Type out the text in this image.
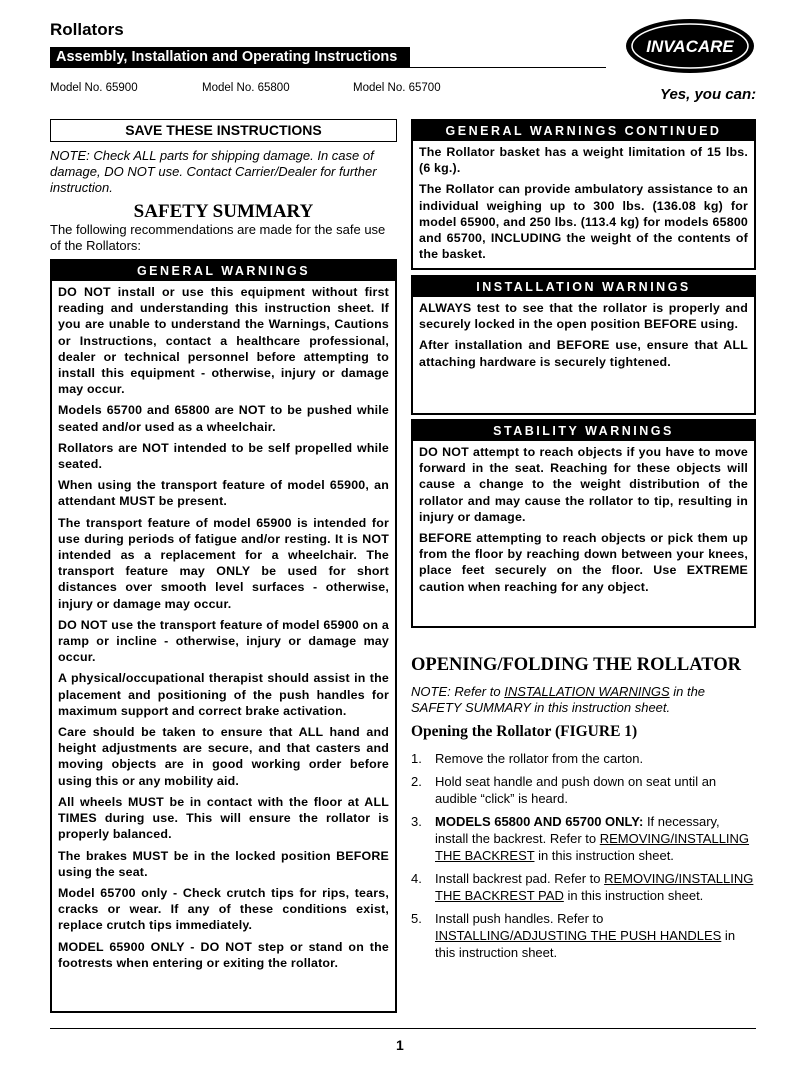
Rollators
Assembly, Installation and Operating Instructions
Model No. 65900	Model No. 65800	Model No. 65700
INVACARE
Yes, you can:
SAVE THESE INSTRUCTIONS
NOTE: Check ALL parts for shipping damage. In case of damage, DO NOT use. Contact Carrier/Dealer for further instruction.
SAFETY SUMMARY
The following recommendations are made for the safe use of the Rollators:
GENERAL WARNINGS

DO NOT install or use this equipment without first reading and understanding this instruction sheet. If you are unable to understand the Warnings, Cautions or Instructions, contact a healthcare professional, dealer or technical personnel before attempting to install this equipment - otherwise, injury or damage may occur.

Models 65700 and 65800 are NOT to be pushed while seated and/or used as a wheelchair.

Rollators are NOT intended to be self propelled while seated.

When using the transport feature of model 65900, an attendant MUST be present.

The transport feature of model 65900 is intended for use during periods of fatigue and/or resting. It is NOT intended as a replacement for a wheelchair. The transport feature may ONLY be used for short distances over smooth level surfaces - otherwise, injury or damage may occur.

DO NOT use the transport feature of model 65900 on a ramp or incline - otherwise, injury or damage may occur.

A physical/occupational therapist should assist in the placement and positioning of the push handles for maximum support and correct brake activation.

Care should be taken to ensure that ALL hand and height adjustments are secure, and that casters and moving objects are in good working order before using this or any mobility aid.

All wheels MUST be in contact with the floor at ALL TIMES during use. This will ensure the rollator is properly balanced.

The brakes MUST be in the locked position BEFORE using the seat.

Model 65700 only - Check crutch tips for rips, tears, cracks or wear. If any of these conditions exist, replace crutch tips immediately.

MODEL 65900 ONLY - DO NOT step or stand on the footrests when entering or exiting the rollator.

GENERAL WARNINGS CONTINUED

The Rollator basket has a weight limitation of 15 lbs. (6 kg.).

The Rollator can provide ambulatory assistance to an individual weighing up to 300 lbs. (136.08 kg) for model 65900, and 250 lbs. (113.4 kg) for models 65800 and 65700, INCLUDING the weight of the contents of the basket.

INSTALLATION WARNINGS

ALWAYS test to see that the rollator is properly and securely locked in the open position BEFORE using.

After installation and BEFORE use, ensure that ALL attaching hardware is securely tightened.

STABILITY WARNINGS

DO NOT attempt to reach objects if you have to move forward in the seat. Reaching for these objects will cause a change to the weight distribution of the rollator and may cause the rollator to tip, resulting in injury or damage.

BEFORE attempting to reach objects or pick them up from the floor by reaching down between your knees, place feet securely on the floor. Use EXTREME caution when reaching for any object.

OPENING/FOLDING THE ROLLATOR
NOTE: Refer to INSTALLATION WARNINGS in the SAFETY SUMMARY in this instruction sheet.
Opening the Rollator (FIGURE 1)
1. Remove the rollator from the carton.
2. Hold seat handle and push down on seat until an audible “click” is heard.
3. MODELS 65800 AND 65700 ONLY: If necessary, install the backrest. Refer to REMOVING/INSTALLING THE BACKREST in this instruction sheet.
4. Install backrest pad. Refer to REMOVING/INSTALLING THE BACKREST PAD in this instruction sheet.
5. Install push handles. Refer to INSTALLING/ADJUSTING THE PUSH HANDLES in this instruction sheet.
1
